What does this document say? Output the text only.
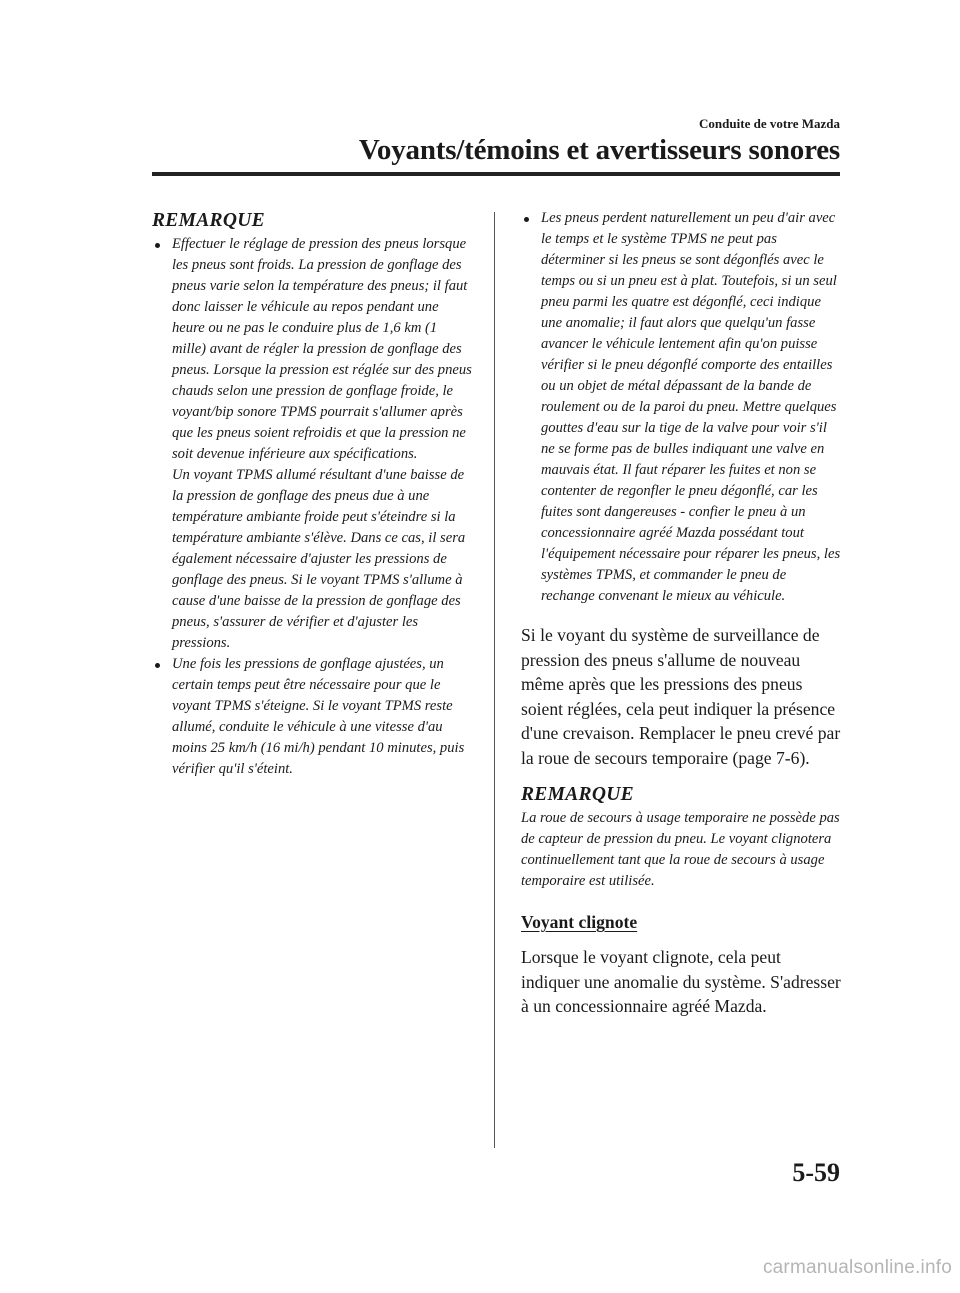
Conduite de votre Mazda
Voyants/témoins et avertisseurs sonores
REMARQUE
Effectuer le réglage de pression des pneus lorsque les pneus sont froids. La pression de gonflage des pneus varie selon la température des pneus; il faut donc laisser le véhicule au repos pendant une heure ou ne pas le conduire plus de 1,6 km (1 mille) avant de régler la pression de gonflage des pneus. Lorsque la pression est réglée sur des pneus chauds selon une pression de gonflage froide, le voyant/bip sonore TPMS pourrait s'allumer après que les pneus soient refroidis et que la pression ne soit devenue inférieure aux spécifications.
Un voyant TPMS allumé résultant d'une baisse de la pression de gonflage des pneus due à une température ambiante froide peut s'éteindre si la température ambiante s'élève. Dans ce cas, il sera également nécessaire d'ajuster les pressions de gonflage des pneus. Si le voyant TPMS s'allume à cause d'une baisse de la pression de gonflage des pneus, s'assurer de vérifier et d'ajuster les pressions.
Une fois les pressions de gonflage ajustées, un certain temps peut être nécessaire pour que le voyant TPMS s'éteigne. Si le voyant TPMS reste allumé, conduite le véhicule à une vitesse d'au moins 25 km/h (16 mi/h) pendant 10 minutes, puis vérifier qu'il s'éteint.
Les pneus perdent naturellement un peu d'air avec le temps et le système TPMS ne peut pas déterminer si les pneus se sont dégonflés avec le temps ou si un pneu est à plat. Toutefois, si un seul pneu parmi les quatre est dégonflé, ceci indique une anomalie; il faut alors que quelqu'un fasse avancer le véhicule lentement afin qu'on puisse vérifier si le pneu dégonflé comporte des entailles ou un objet de métal dépassant de la bande de roulement ou de la paroi du pneu. Mettre quelques gouttes d'eau sur la tige de la valve pour voir s'il ne se forme pas de bulles indiquant une valve en mauvais état. Il faut réparer les fuites et non se contenter de regonfler le pneu dégonflé, car les fuites sont dangereuses - confier le pneu à un concessionnaire agréé Mazda possédant tout l'équipement nécessaire pour réparer les pneus, les systèmes TPMS, et commander le pneu de rechange convenant le mieux au véhicule.

Si le voyant du système de surveillance de pression des pneus s'allume de nouveau même après que les pressions des pneus soient réglées, cela peut indiquer la présence d'une crevaison. Remplacer le pneu crevé par la roue de secours temporaire (page 7-6).

REMARQUE

La roue de secours à usage temporaire ne possède pas de capteur de pression du pneu. Le voyant clignotera continuellement tant que la roue de secours à usage temporaire est utilisée.

Voyant clignote

Lorsque le voyant clignote, cela peut indiquer une anomalie du système. S'adresser à un concessionnaire agréé Mazda.

5-59
carmanualsonline.info
